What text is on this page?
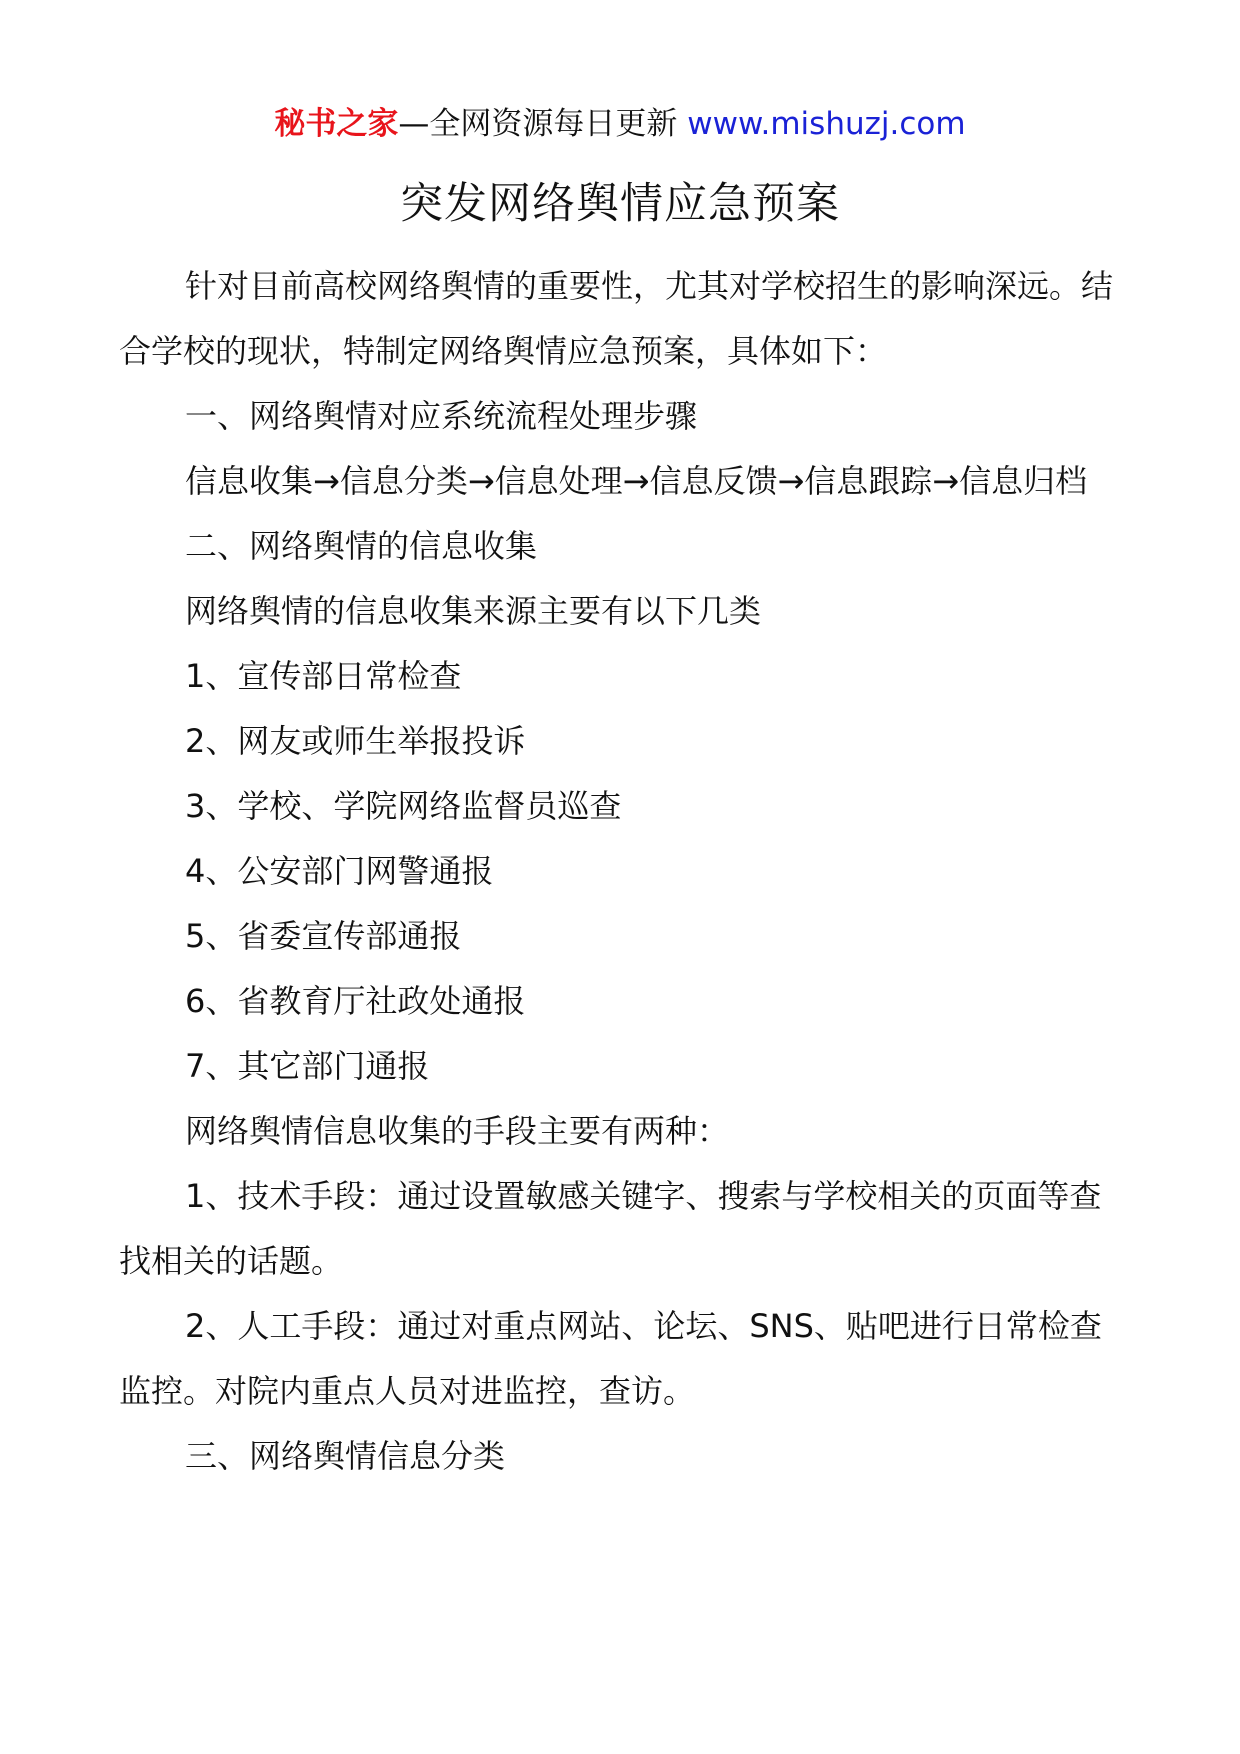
秘书之家—全网资源每日更新 www.mishuzj.com
突发网络舆情应急预案

针对目前高校网络舆情的重要性，尤其对学校招生的影响深远。结合学校的现状，特制定网络舆情应急预案，具体如下：

一、网络舆情对应系统流程处理步骤

信息收集→信息分类→信息处理→信息反馈→信息跟踪→信息归档

二、网络舆情的信息收集

网络舆情的信息收集来源主要有以下几类

1、宣传部日常检查

2、网友或师生举报投诉

3、学校、学院网络监督员巡查

4、公安部门网警通报

5、省委宣传部通报

6、省教育厅社政处通报

7、其它部门通报

网络舆情信息收集的手段主要有两种：

1、技术手段：通过设置敏感关键字、搜索与学校相关的页面等查找相关的话题。

2、人工手段：通过对重点网站、论坛、SNS、贴吧进行日常检查监控。对院内重点人员对进监控，查访。

三、网络舆情信息分类
